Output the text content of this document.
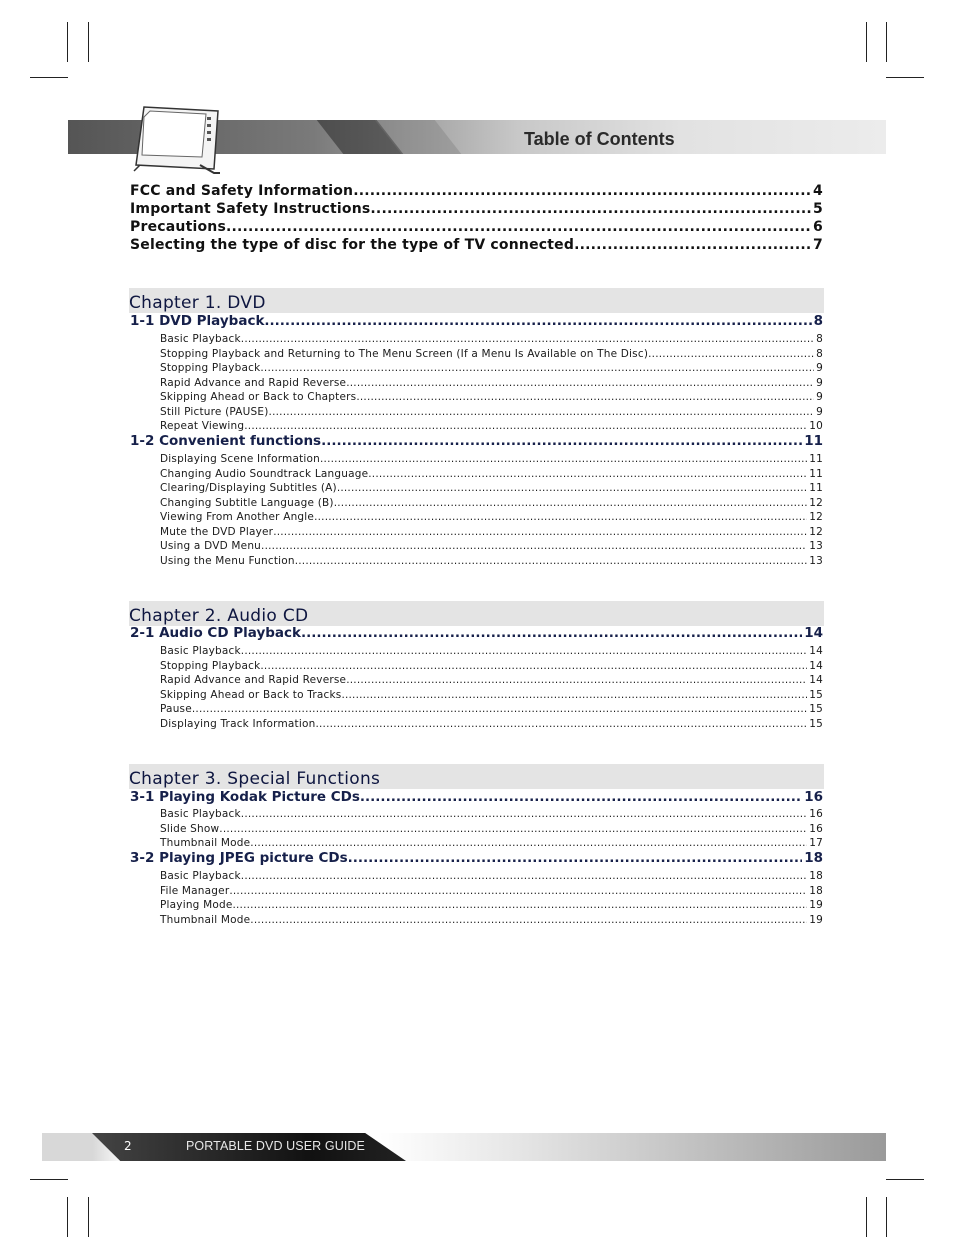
Table of Contents
FCC and Safety Information .....	4
Important Safety Instructions .....	5
Precautions .....	6
Selecting the type of disc for the type of TV connected .....	7
Chapter 1. DVD
1-1 DVD Playback .....	8
Basic Playback .....	8
Stopping Playback and Returning to The Menu Screen (If a Menu Is Available on The Disc) .....	8
Stopping Playback .....	9
Rapid Advance and Rapid Reverse .....	9
Skipping Ahead or Back to Chapters .....	9
Still Picture (PAUSE) .....	9
Repeat Viewing .....	10
1-2 Convenient functions .....	11
Displaying Scene Information .....	11
Changing Audio Soundtrack Language .....	11
Clearing/Displaying Subtitles (A) .....	11
Changing Subtitle Language (B) .....	12
Viewing From Another Angle .....	12
Mute the DVD Player .....	12
Using a DVD Menu .....	13
Using the Menu Function .....	13
Chapter 2. Audio CD
2-1 Audio CD Playback .....	14
Basic Playback .....	14
Stopping Playback .....	14
Rapid Advance and Rapid Reverse .....	14
Skipping Ahead or Back to Tracks .....	15
Pause .....	15
Displaying Track Information .....	15
Chapter 3. Special Functions
3-1 Playing Kodak Picture CDs .....	16
Basic Playback .....	16
Slide Show .....	16
Thumbnail Mode .....	17
3-2 Playing JPEG picture CDs .....	18
Basic Playback .....	18
File Manager .....	18
Playing Mode .....	19
Thumbnail Mode .....	19
2	PORTABLE DVD USER GUIDE
